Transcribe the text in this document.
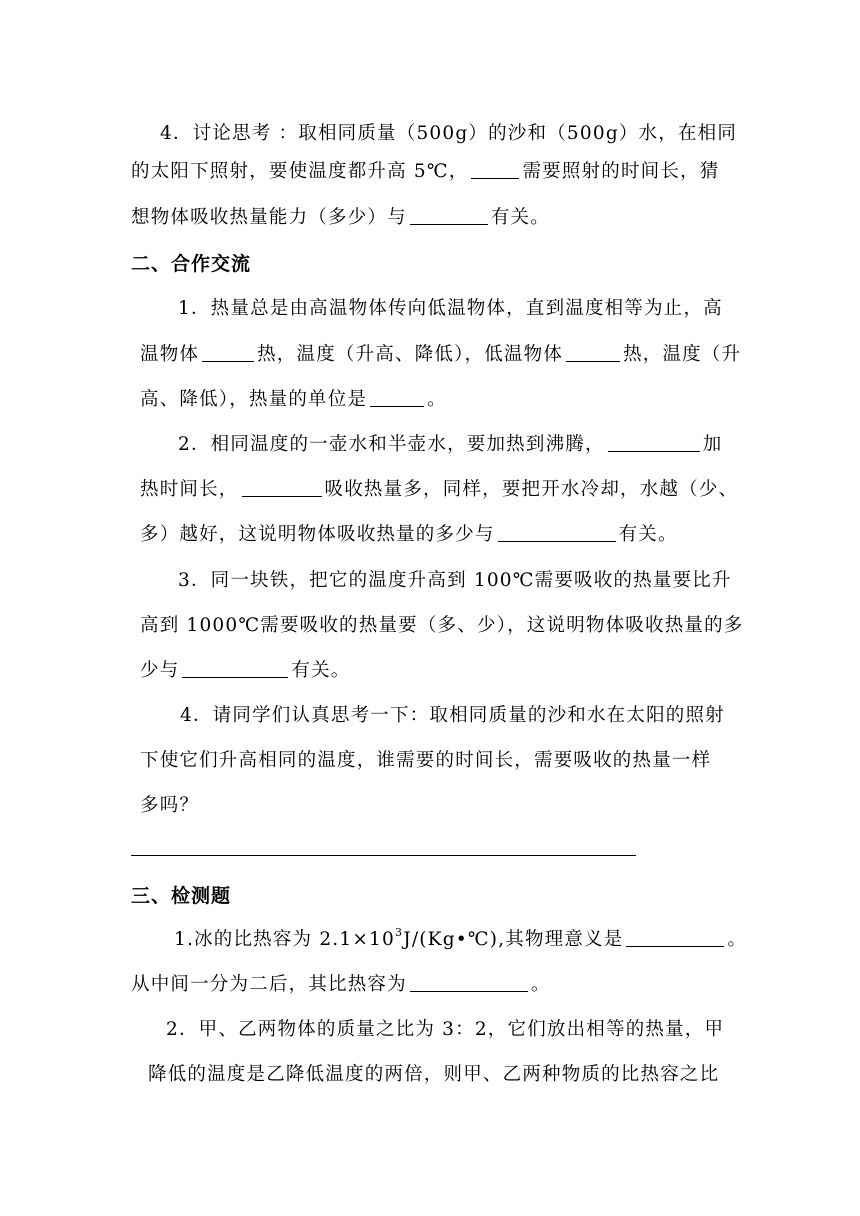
4．讨论思考 ：取相同质量（500g）的沙和（500g）水，在相同
的太阳下照射，要使温度都升高 5℃，	需要照射的时间长，猜
想物体吸收热量能力（多少）与	有关。
二、合作交流
1．热量总是由高温物体传向低温物体，直到温度相等为止，高
温物体	热，温度（升高、降低），低温物体	热，温度（升
高、降低），热量的单位是	。
2．相同温度的一壶水和半壶水，要加热到沸腾，	加
热时间长，	吸收热量多，同样，要把开水冷却，水越（少、
多）越好，这说明物体吸收热量的多少与	有关。
3．同一块铁，把它的温度升高到 100℃需要吸收的热量要比升
高到 1000℃需要吸收的热量要（多、少），这说明物体吸收热量的多
少与	有关。
4．请同学们认真思考一下：取相同质量的沙和水在太阳的照射
下使它们升高相同的温度，谁需要的时间长，需要吸收的热量一样
多吗？
三、检测题
1.冰的比热容为 $2.1\times 10^3J/(Kg•℃)$,其物理意义是	。
从中间一分为二后，其比热容为	。
2．甲、乙两物体的质量之比为 3：2，它们放出相等的热量，甲
降低的温度是乙降低温度的两倍，则甲、乙两种物质的比热容之比
